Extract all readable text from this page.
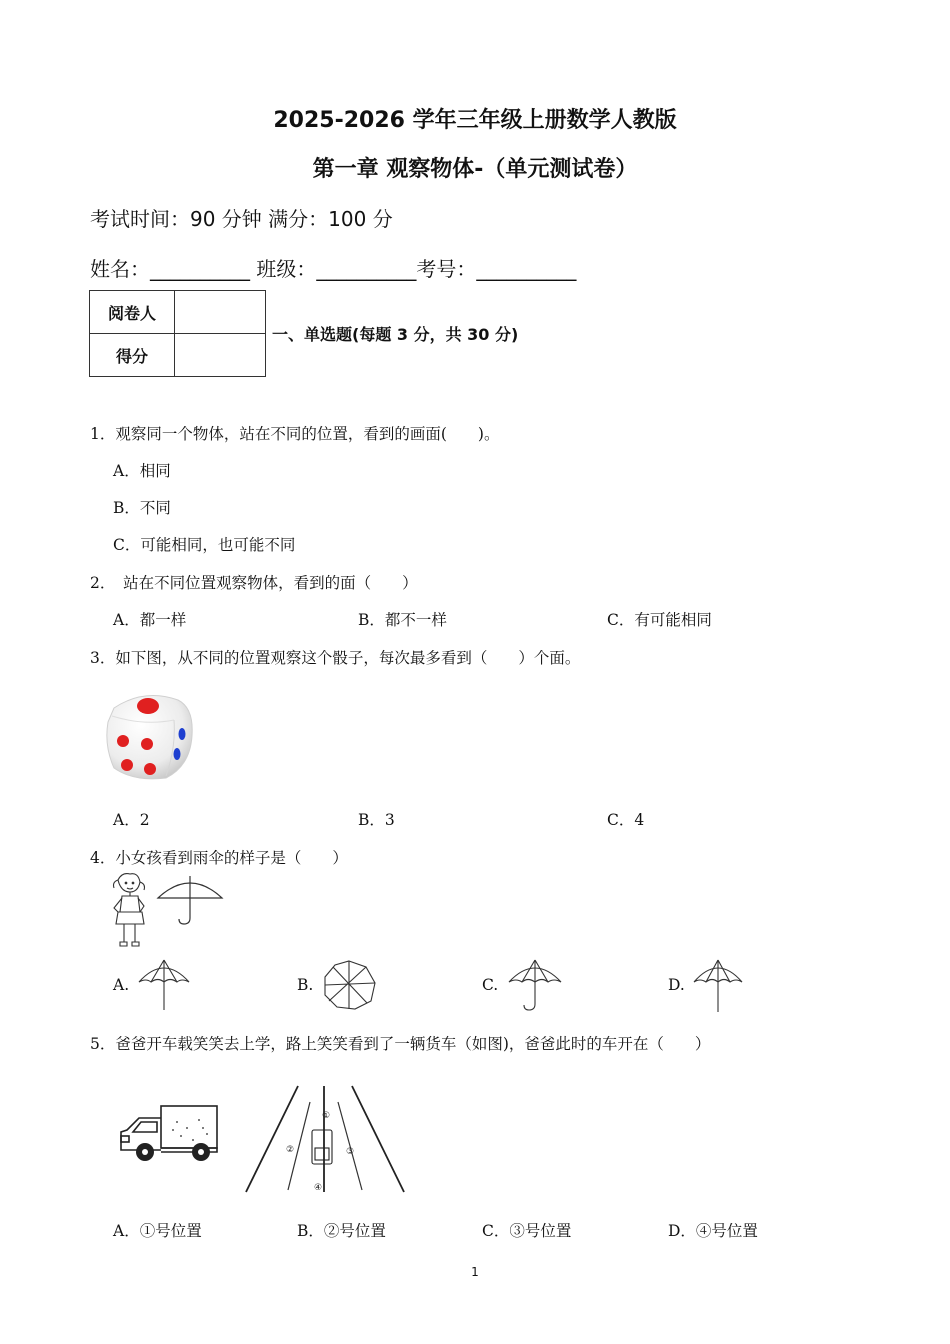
2025-2026 学年三年级上册数学人教版
第一章 观察物体-（单元测试卷）
考试时间：90 分钟 满分：100 分
姓名：__________ 班级：__________考号：__________
阅卷人	
得分	
一、单选题(每题 3 分，共 30 分)
1．观察同一个物体，站在不同的位置，看到的画面(　　)。
A．相同
B．不同
C．可能相同，也可能不同
2．　站在不同位置观察物体，看到的面（　　）
A．都一样	B．都不一样	C．有可能相同
3．如下图，从不同的位置观察这个骰子，每次最多看到（　　）个面。
A．2	B．3	C．4
4．小女孩看到雨伞的样子是（　　）
A.	B.	C.	D.
5．爸爸开车载笑笑去上学，路上笑笑看到了一辆货车（如图)，爸爸此时的车开在（　　）
①
②	③
④
A．①号位置	B．②号位置	C．③号位置	D．④号位置
1
